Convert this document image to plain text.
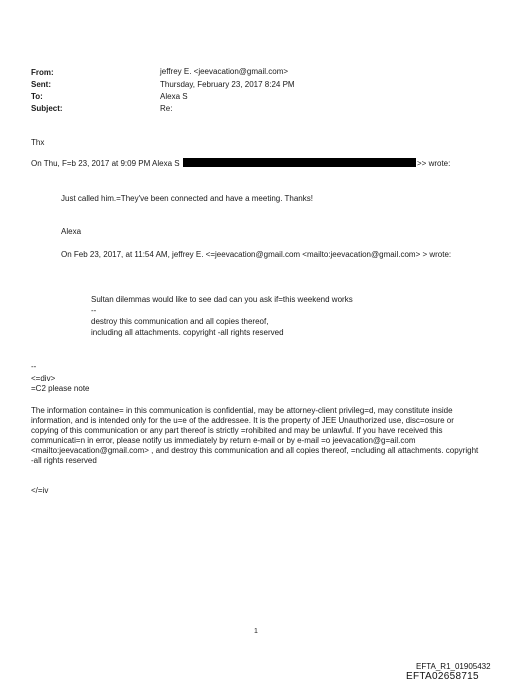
From:	jeffrey E. <jeevacation@gmail.com>
Sent:	Thursday, February 23, 2017 8:24 PM
To:	Alexa S
Subject:	Re:
Thx
On Thu, F=b 23, 2017 at 9:09 PM Alexa S	>> wrote:
Just called him.=They've been connected and have a meeting. Thanks!
Alexa
On Feb 23, 2017, at 11:54 AM, jeffrey E. <=jeevacation@gmail.com <mailto:jeevacation@gmail.com> > wrote:
Sultan dilemmas would like to see dad can you ask if=this weekend works
--
destroy this communication and all copies thereof,
including all attachments. copyright -all rights reserved
--
<=div>
=C2 please note
The information containe= in this communication is confidential, may be attorney-client privileg=d, may constitute inside information, and is intended only for the u=e of the addressee. It is the property of JEE Unauthorized use, disc=osure or copying of this communication or any part thereof is strictly =rohibited and may be unlawful. If you have received this communicati=n in error, please notify us immediately by return e-mail or by e-mail =o jeevacation@g=ail.com <mailto:jeevacation@gmail.com> , and destroy this communication and all copies thereof, =ncluding all attachments. copyright -all rights reserved
</=iv
1
EFTA_R1_01905432
EFTA02658715
